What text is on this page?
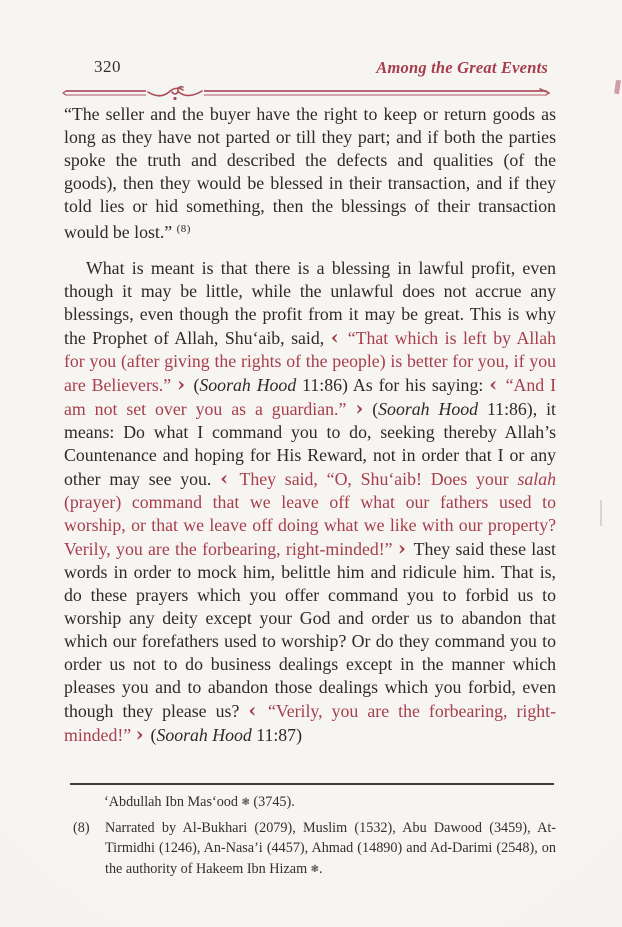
320	Among the Great Events

“The seller and the buyer have the right to keep or return goods as long as they have not parted or till they part; and if both the parties spoke the truth and described the defects and qualities (of the goods), then they would be blessed in their transaction, and if they told lies or hid something, then the blessings of their transaction would be lost.” $^{(8)}$

What is meant is that there is a blessing in lawful profit, even though it may be little, while the unlawful does not accrue any blessings, even though the profit from it may be great. This is why the Prophet of Allah, Shu‘aib, said, ‹ “That which is left by Allah for you (after giving the rights of the people) is better for you, if you are Believers.” › (Soorah Hood 11:86) As for his saying: ‹ “And I am not set over you as a guardian.” › (Soorah Hood 11:86), it means: Do what I command you to do, seeking thereby Allah’s Countenance and hoping for His Reward, not in order that I or any other may see you. ‹ They said, “O, Shu‘aib! Does your salah (prayer) command that we leave off what our fathers used to worship, or that we leave off doing what we like with our property? Verily, you are the forbearing, right-minded!” › They said these last words in order to mock him, belittle him and ridicule him. That is, do these prayers which you offer command you to forbid us to worship any deity except your God and order us to abandon that which our forefathers used to worship? Or do they command you to order us not to do business dealings except in the manner which pleases you and to abandon those dealings which you forbid, even though they please us? ‹ “Verily, you are the forbearing, right-minded!” › (Soorah Hood 11:87)

‘Abdullah Ibn Mas‘ood ❃ (3745).

(8)	Narrated by Al-Bukhari (2079), Muslim (1532), Abu Dawood (3459), At-Tirmidhi (1246), An-Nasa’i (4457), Ahmad (14890) and Ad-Darimi (2548), on the authority of Hakeem Ibn Hizam ❃.
